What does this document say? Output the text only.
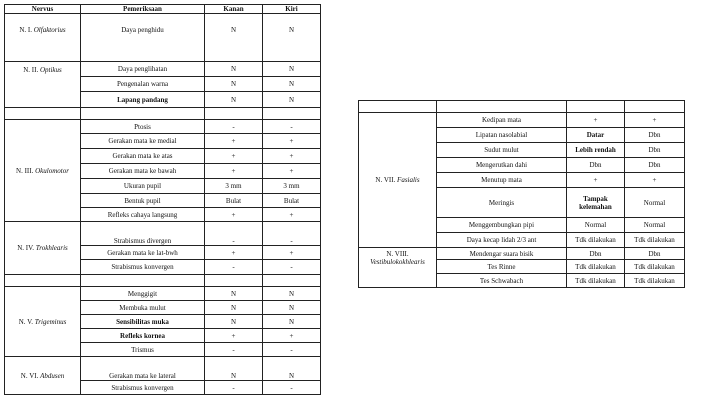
Nervus	Pemeriksaan	Kanan	Kiri
N. I. Olfaktorius	Daya penghidu	N	N
N. II. Optikus	Daya penglihatan	N	N
	Pengenalan warna	N	N
	Lapang pandang	N	N

N. III. Okulomotor	Ptosis	-	-
	Gerakan mata ke medial	+	+
	Gerakan mata ke atas	+	+
	Gerakan mata ke bawah	+	+
	Ukuran pupil	3 mm	3 mm
	Bentuk pupil	Bulat	Bulat
	Refleks cahaya langsung	+	+
N. IV. Trokhlearis	Strabismus divergen	-	-
	Gerakan mata ke lat-bwh	+	+
	Strabismus konvergen	-	-

N. V. Trigeminus	Menggigit	N	N
	Membuka mulut	N	N
	Sensibilitas muka	N	N
	Refleks kornea	+	+
	Trismus	-	-
N. VI. Abdusen	Gerakan mata ke lateral	N	N
	Strabismus konvergen	-	-

N. VII. Fasialis	Kedipan mata	+	+
	Lipatan nasolabial	Datar	Dbn
	Sudut mulut	Lebih rendah	Dbn
	Mengerutkan dahi	Dbn	Dbn
	Menutup mata	+	+
	Meringis	Tampak kelemahan	Normal
	Menggembungkan pipi	Normal	Normal
	Daya kecap lidah 2/3 ant	Tdk dilakukan	Tdk dilakukan
N. VIII.
Vestibulokokhlearis	Mendengar suara bisik	Dbn	Dbn
	Tes Rinne	Tdk dilakukan	Tdk dilakukan
	Tes Schwabach	Tdk dilakukan	Tdk dilakukan
